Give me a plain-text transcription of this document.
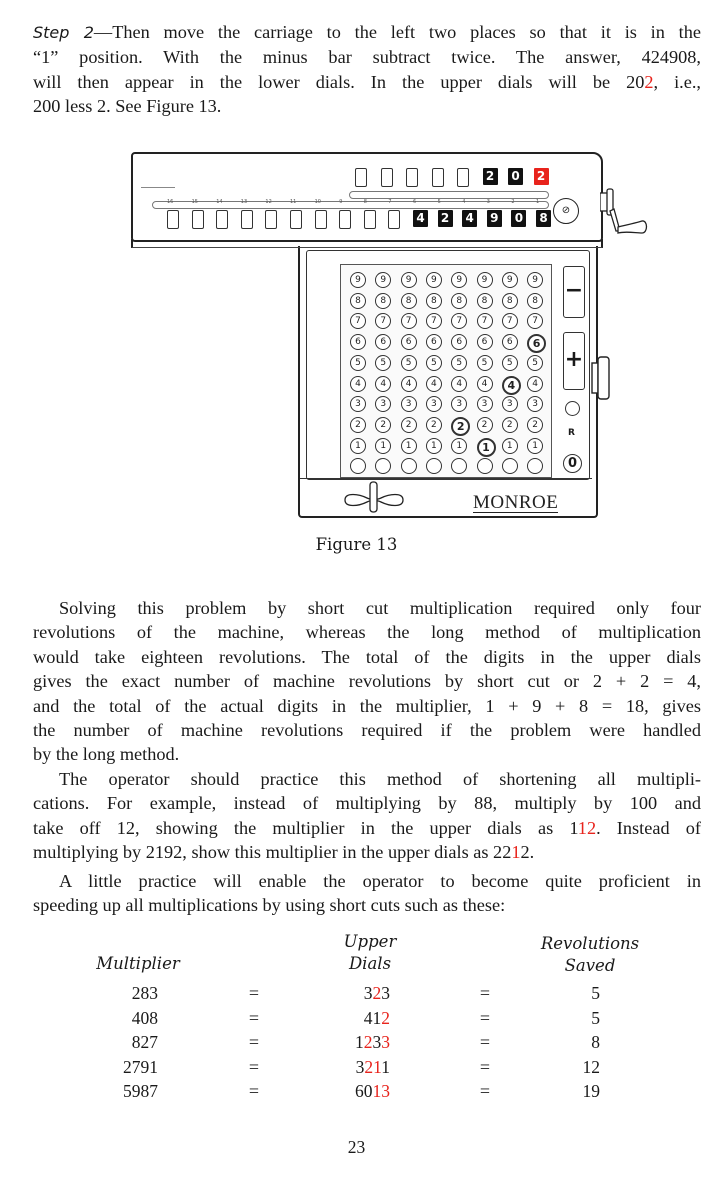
Step 2—Then move the carriage to the left two places so that it is in the
“1” position. With the minus bar subtract twice. The answer, 424908,
will then appear in the lower dials. In the upper dials will be 202, i.e.,
200 less 2. See Figure 13.
9
8
7
6
5
4
3
2
1
9
8
7
6
5
4
3
2
1
9
8
7
6
5
4
3
2
1
9
8
7
6
5
4
3
2
1
9
8
7
6
5
4
3
2
1
9
8
7
6
5
4
3
2
1
9
8
7
6
5
4
3
2
1
9
8
7
6
5
4
3
2
1
−
+
R
0
MONROE
⊘
2 0 2
16	15	14	13	12	11	10	9	8	7	6	5	4	3	2	1
4 2 4 9 0 8
Figure 13
Solving this problem by short cut multiplication required only four
revolutions of the machine, whereas the long method of multiplication
would take eighteen revolutions. The total of the digits in the upper dials
gives the exact number of machine revolutions by short cut or 2 + 2 = 4,
and the total of the actual digits in the multiplier, 1 + 9 + 8 = 18, gives
the number of machine revolutions required if the problem were handled
by the long method.
The operator should practice this method of shortening all multipli-
cations. For example, instead of multiplying by 88, multiply by 100 and
take off 12, showing the multiplier in the upper dials as 112. Instead of
multiplying by 2192, show this multiplier in the upper dials as 2212.
A little practice will enable the operator to become quite proficient in
speeding up all multiplications by using short cuts such as these:
Multiplier
Upper
Dials
Revolutions
Saved
283	=	323	=	5
408	=	412	=	5
827	=	1233	=	8
2791	=	3211	=	12
5987	=	6013	=	19
23
